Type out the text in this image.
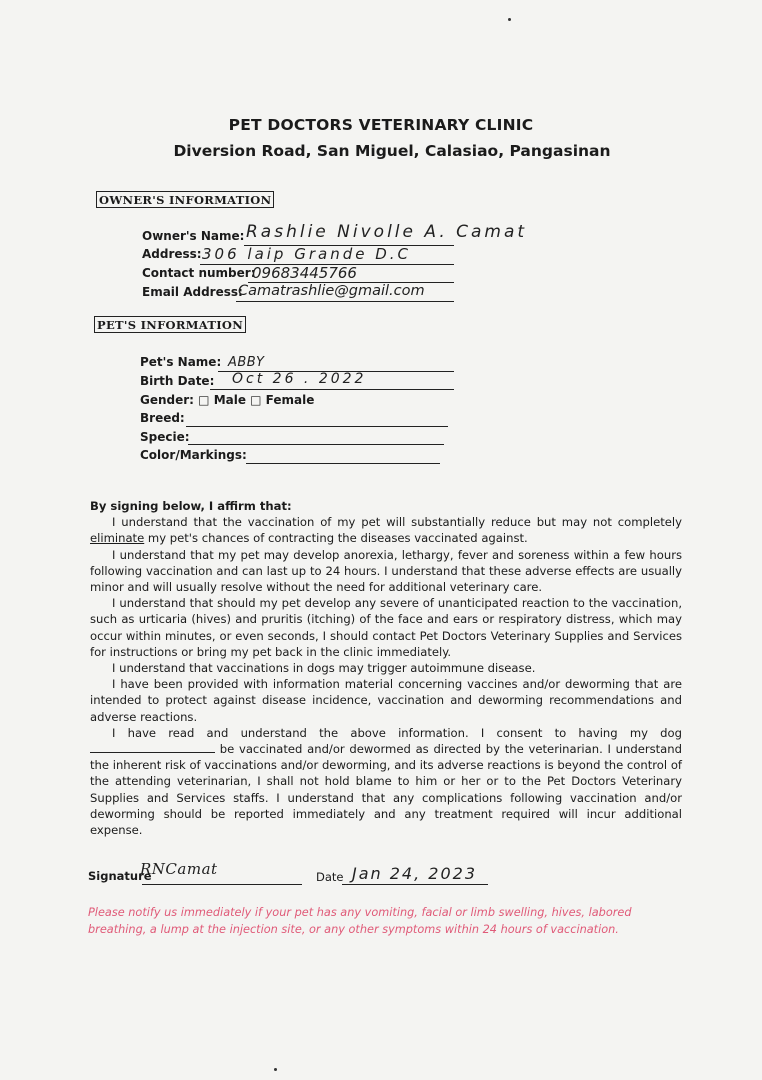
PET DOCTORS VETERINARY CLINIC
Diversion Road, San Miguel, Calasiao, Pangasinan
OWNER'S INFORMATION
Owner's Name: Rashlie Nivolle A. Camat
Address: 306 laip Grande D.C
Contact number:
09683445766
Email Address:
Camatrashlie@gmail.com
PET'S INFORMATION
Pet's Name: ABBY
Birth Date: Oct 26 . 2022
Gender: □ Male □ Female
Breed:
Specie:
Color/Markings:

By signing below, I affirm that:

I understand that the vaccination of my pet will substantially reduce but may not completely eliminate my pet's chances of contracting the diseases vaccinated against.

I understand that my pet may develop anorexia, lethargy, fever and soreness within a few hours following vaccination and can last up to 24 hours. I understand that these adverse effects are usually minor and will usually resolve without the need for additional veterinary care.

I understand that should my pet develop any severe of unanticipated reaction to the vaccination, such as urticaria (hives) and pruritis (itching) of the face and ears or respiratory distress, which may occur within minutes, or even seconds, I should contact Pet Doctors Veterinary Supplies and Services for instructions or bring my pet back in the clinic immediately.

I understand that vaccinations in dogs may trigger autoimmune disease.

I have been provided with information material concerning vaccines and/or deworming that are intended to protect against disease incidence, vaccination and deworming recommendations and adverse reactions.

I have read and understand the above information. I consent to having my dog  be vaccinated and/or dewormed as directed by the veterinarian. I understand the inherent risk of vaccinations and/or deworming, and its adverse reactions is beyond the control of the attending veterinarian, I shall not hold blame to him or her or to the Pet Doctors Veterinary Supplies and Services staffs. I understand that any complications following vaccination and/or deworming should be reported immediately and any treatment required will incur additional expense.

Signature
RNCamat	Date Jan 24, 2023
Please notify us immediately if your pet has any vomiting, facial or limb swelling, hives, labored breathing, a lump at the injection site, or any other symptoms within 24 hours of vaccination.
